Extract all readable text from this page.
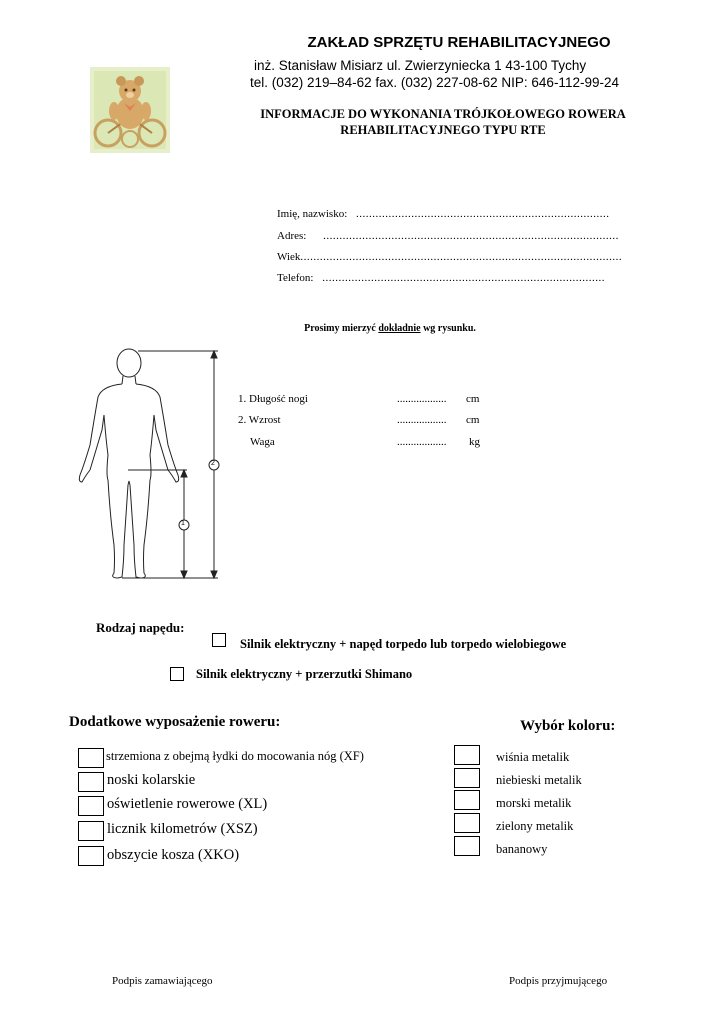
ZAKŁAD SPRZĘTU REHABILITACYJNEGO
inż. Stanisław Misiarz ul. Zwierzyniecka 1 43-100 Tychy
tel. (032) 219–84-62 fax. (032) 227-08-62 NIP: 646-112-99-24
INFORMACJE DO WYKONANIA TRÓJKOŁOWEGO ROWERA
REHABILITACYJNEGO TYPU RTE
Imię, nazwisko: ..............................................................................
Adres: ...........................................................................................
Wiek...................................................................................................
Telefon: .......................................................................................
Prosimy mierzyć dokładnie wg rysunku.
2
1
1. Długość nogi	.................. cm
2. Wzrost	.................. cm
Waga	.................. kg
Rodzaj napędu:
Silnik elektryczny + napęd torpedo lub torpedo wielobiegowe
Silnik elektryczny + przerzutki Shimano
Dodatkowe wyposażenie roweru:	Wybór koloru:
strzemiona z obejmą łydki do mocowania nóg (XF)
noski kolarskie
oświetlenie rowerowe (XL)
licznik kilometrów (XSZ)
obszycie kosza (XKO)
wiśnia metalik
niebieski metalik
morski metalik
zielony metalik
bananowy
Podpis zamawiającego	Podpis przyjmującego
